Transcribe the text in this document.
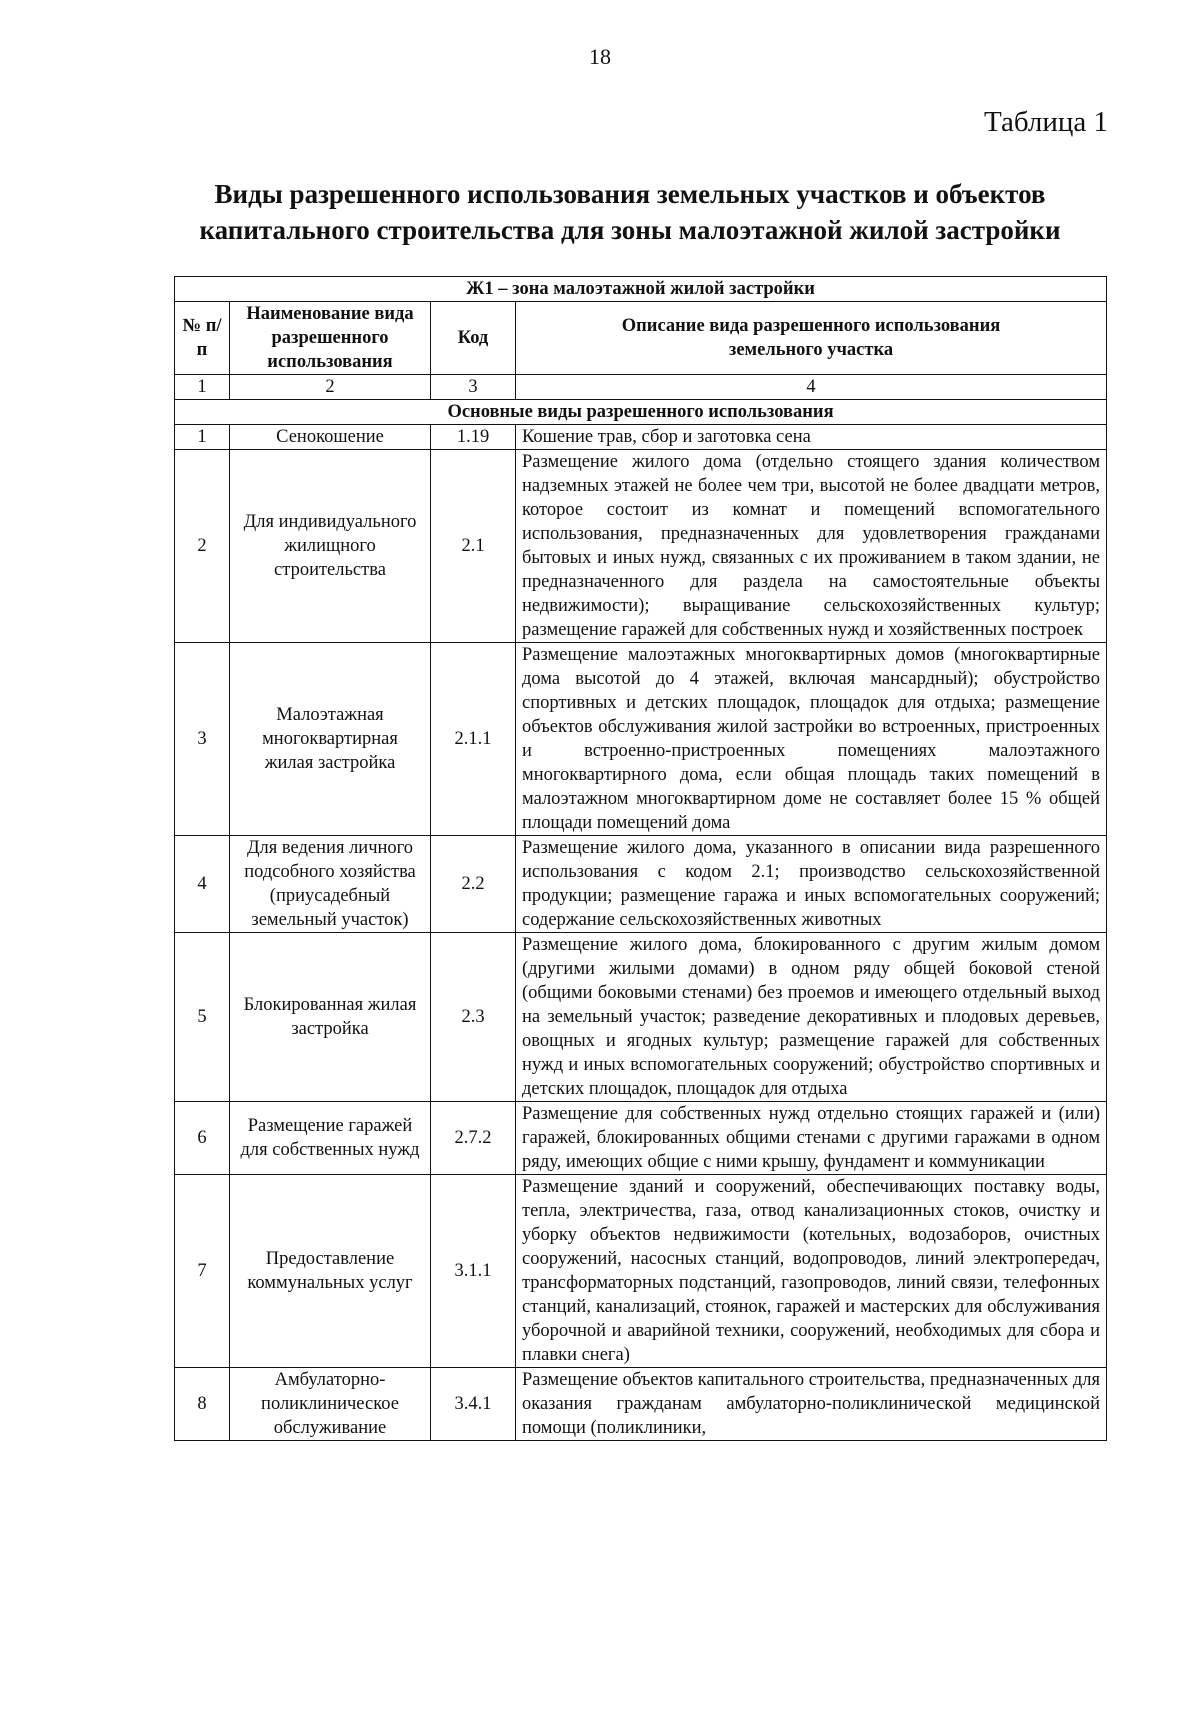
18
Таблица 1
Виды разрешенного использования земельных участков и объектов
капитального строительства для зоны малоэтажной жилой застройки
Ж1 – зона малоэтажной жилой застройки			
№ п/п	Наименование вида разрешенного использования	Код	Описание вида разрешенного использования земельного участка
1	2	3	4
Основные виды разрешенного использования			
1	Сенокошение	1.19	Кошение трав, сбор и заготовка сена
2	Для индивидуального жилищного строительства	2.1	Размещение жилого дома (отдельно стоящего здания количеством надземных этажей не более чем три, высотой не более двадцати метров, которое состоит из комнат и помещений вспомогательного использования, предназначенных для удовлетворения гражданами бытовых и иных нужд, связанных с их проживанием в таком здании, не предназначенного для раздела на самостоятельные объекты недвижимости); выращивание сельскохозяйственных культур; размещение гаражей для собственных нужд и хозяйственных построек
3	Малоэтажная многоквартирная жилая застройка	2.1.1	Размещение малоэтажных многоквартирных домов (многоквартирные дома высотой до 4 этажей, включая мансардный); обустройство спортивных и детских площадок, площадок для отдыха; размещение объектов обслуживания жилой застройки во встроенных, пристроенных и встроенно-пристроенных помещениях малоэтажного многоквартирного дома, если общая площадь таких помещений в малоэтажном многоквартирном доме не составляет более 15 % общей площади помещений дома
4	Для ведения личного подсобного хозяйства (приусадебный земельный участок)	2.2	Размещение жилого дома, указанного в описании вида разрешенного использования с кодом 2.1; производство сельскохозяйственной продукции; размещение гаража и иных вспомогательных сооружений; содержание сельскохозяйственных животных
5	Блокированная жилая застройка	2.3	Размещение жилого дома, блокированного с другим жилым домом (другими жилыми домами) в одном ряду общей боковой стеной (общими боковыми стенами) без проемов и имеющего отдельный выход на земельный участок; разведение декоративных и плодовых деревьев, овощных и ягодных культур; размещение гаражей для собственных нужд и иных вспомогательных сооружений; обустройство спортивных и детских площадок, площадок для отдыха
6	Размещение гаражей для собственных нужд	2.7.2	Размещение для собственных нужд отдельно стоящих гаражей и (или) гаражей, блокированных общими стенами с другими гаражами в одном ряду, имеющих общие с ними крышу, фундамент и коммуникации
7	Предоставление коммунальных услуг	3.1.1	Размещение зданий и сооружений, обеспечивающих поставку воды, тепла, электричества, газа, отвод канализационных стоков, очистку и уборку объектов недвижимости (котельных, водозаборов, очистных сооружений, насосных станций, водопроводов, линий электропередач, трансформаторных подстанций, газопроводов, линий связи, телефонных станций, канализаций, стоянок, гаражей и мастерских для обслуживания уборочной и аварийной техники, сооружений, необходимых для сбора и плавки снега)
8	Амбулаторно-поликлиническое обслуживание	3.4.1	Размещение объектов капитального строительства, предназначенных для оказания гражданам амбулаторно-поликлинической медицинской помощи (поликлиники,
